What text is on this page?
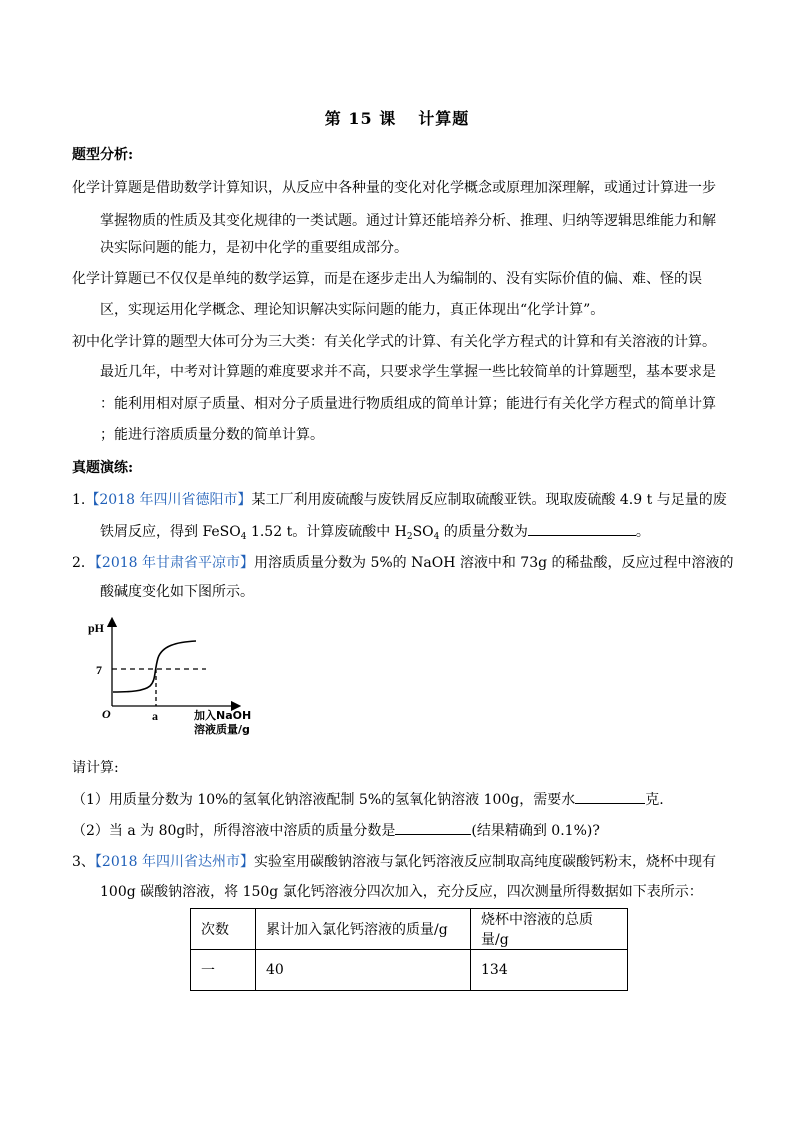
第 15 课 计算题
题型分析:
化学计算题是借助数学计算知识，从反应中各种量的变化对化学概念或原理加深理解，或通过计算进一步
掌握物质的性质及其变化规律的一类试题。通过计算还能培养分析、推理、归纳等逻辑思维能力和解
决实际问题的能力，是初中化学的重要组成部分。
化学计算题已不仅仅是单纯的数学运算，而是在逐步走出人为编制的、没有实际价值的偏、难、怪的误
区，实现运用化学概念、理论知识解决实际问题的能力，真正体现出“化学计算”。
初中化学计算的题型大体可分为三大类：有关化学式的计算、有关化学方程式的计算和有关溶液的计算。
最近几年，中考对计算题的难度要求并不高，只要求学生掌握一些比较简单的计算题型，基本要求是
：能利用相对原子质量、相对分子质量进行物质组成的简单计算；能进行有关化学方程式的简单计算
；能进行溶质质量分数的简单计算。
真题演练:
1.【2018 年四川省德阳市】某工厂利用废硫酸与废铁屑反应制取硫酸亚铁。现取废硫酸 4.9 t 与足量的废
铁屑反应，得到 FeSO$_4$ 1.52 t。计算废硫酸中 $H_2SO_4$ 的质量分数为	。
2．【2018 年甘肃省平凉市】用溶质质量分数为 5%的 NaOH 溶液中和 73g 的稀盐酸，反应过程中溶液的
酸碱度变化如下图所示。
pH
7
O	a	加入NaOH
溶液质量/g
请计算:
（1）用质量分数为 10%的氢氧化钠溶液配制 5%的氢氧化钠溶液 100g，需要水	克.
（2）当 a 为 80g时，所得溶液中溶质的质量分数是	(结果精确到 0.1%)?
3、【2018 年四川省达州市】实验室用碳酸钠溶液与氯化钙溶液反应制取高纯度碳酸钙粉末，烧杯中现有
100g 碳酸钠溶液，将 150g 氯化钙溶液分四次加入，充分反应，四次测量所得数据如下表所示：
次数	累计加入氯化钙溶液的质量/g	烧杯中溶液的总质量/g
一	40	134
